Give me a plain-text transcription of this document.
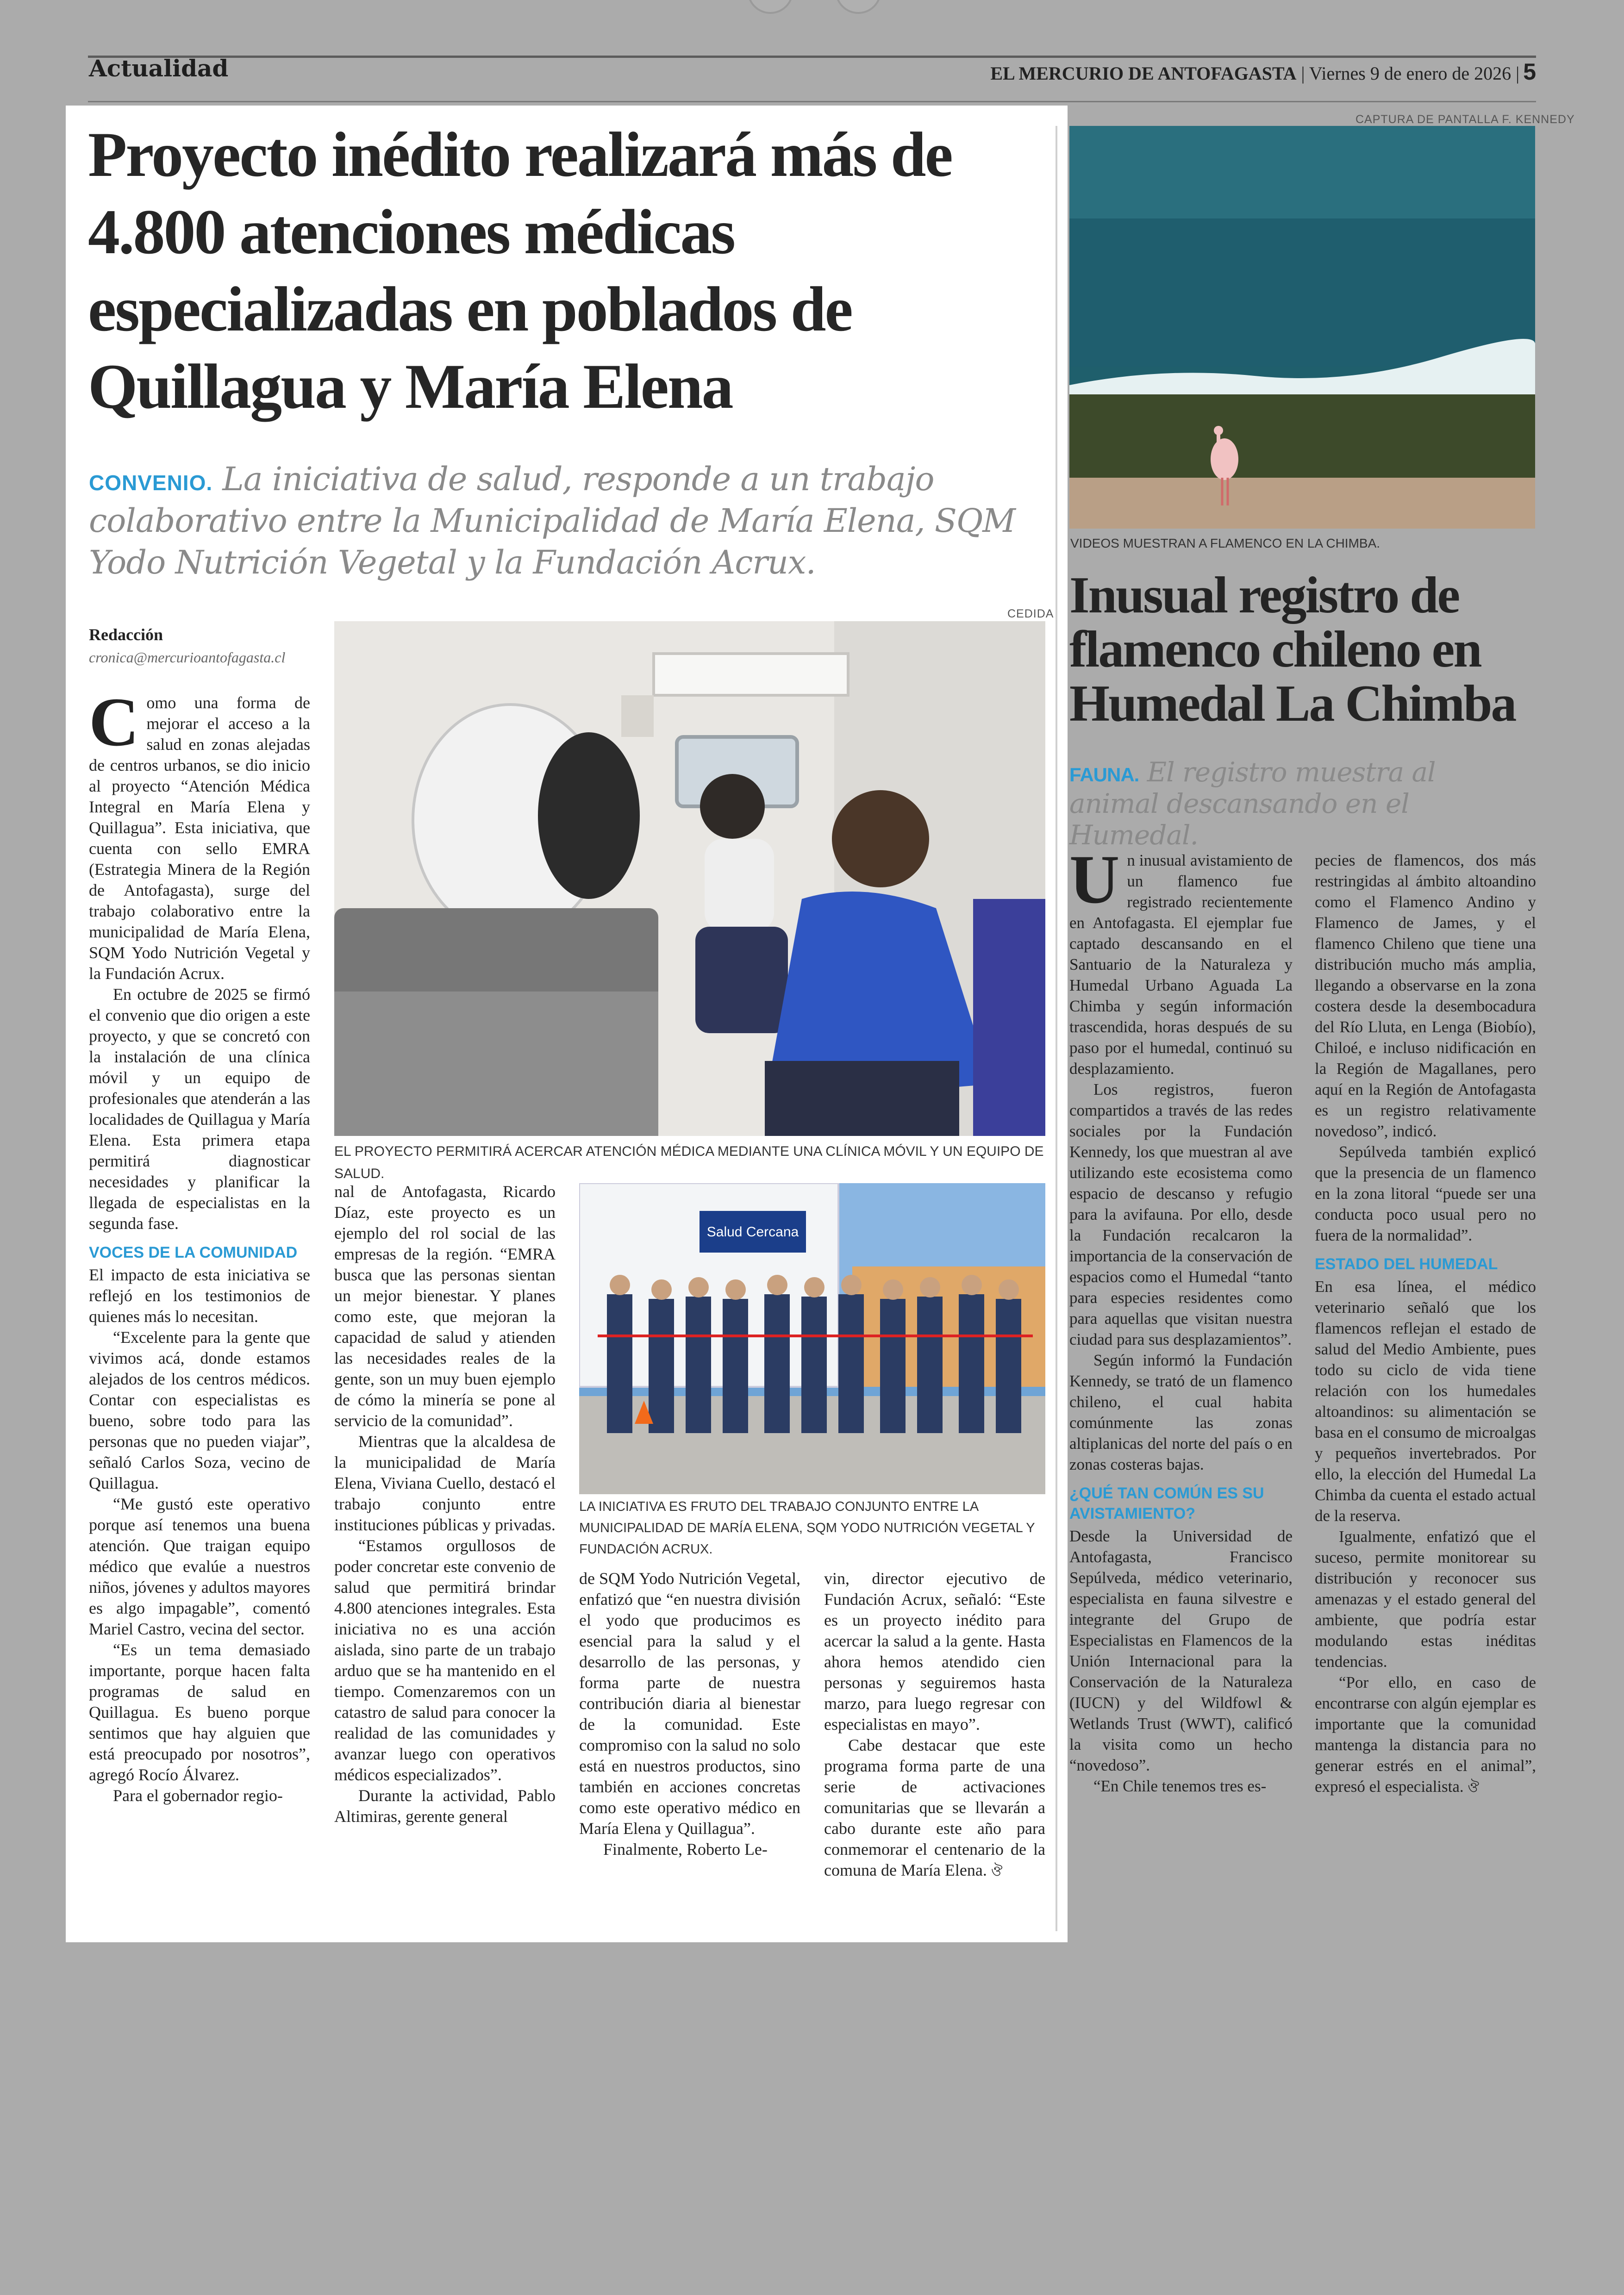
Actualidad	EL MERCURIO DE ANTOFAGASTA | Viernes 9 de enero de 2026 | 5
Proyecto inédito realizará más de 4.800 atenciones médicas especializadas en poblados de Quillagua y María Elena
CONVENIO. La iniciativa de salud, responde a un trabajo colaborativo entre la Municipalidad de María Elena, SQM Yodo Nutrición Vegetal y la Fundación Acrux.
Redacción
cronica@mercurioantofagasta.cl
CEDIDA
EL PROYECTO PERMITIRÁ ACERCAR ATENCIÓN MÉDICA MEDIANTE UNA CLÍNICA MÓVIL Y UN EQUIPO DE SALUD.
Salud Cercana
LA INICIATIVA ES FRUTO DEL TRABAJO CONJUNTO ENTRE LA MUNICIPALIDAD DE MARÍA ELENA, SQM YODO NUTRICIÓN VEGETAL Y FUNDACIÓN ACRUX.

Como una forma de mejorar el acceso a la salud en zonas alejadas de centros urbanos, se dio inicio al proyecto “Atención Médica Integral en María Elena y Quillagua”. Esta iniciativa, que cuenta con sello EMRA (Estrategia Minera de la Región de Antofagasta), surge del trabajo colaborativo entre la municipalidad de María Elena, SQM Yodo Nutrición Vegetal y la Fundación Acrux.

En octubre de 2025 se firmó el convenio que dio origen a este proyecto, y que se concretó con la instalación de una clínica móvil y un equipo de profesionales que atenderán a las localidades de Quillagua y María Elena. Esta primera etapa permitirá diagnosticar necesidades y planificar la llegada de especialistas en la segunda fase.

VOCES DE LA COMUNIDAD

El impacto de esta iniciativa se reflejó en los testimonios de quienes más lo necesitan.

“Excelente para la gente que vivimos acá, donde estamos alejados de los centros médicos. Contar con especialistas es bueno, sobre todo para las personas que no pueden viajar”, señaló Carlos Soza, vecino de Quillagua.

“Me gustó este operativo porque así tenemos una buena atención. Que traigan equipo médico que evalúe a nuestros niños, jóvenes y adultos mayores es algo impagable”, comentó Mariel Castro, vecina del sector.

“Es un tema demasiado importante, porque hacen falta programas de salud en Quillagua. Es bueno porque sentimos que hay alguien que está preocupado por nosotros”, agregó Rocío Álvarez.

Para el gobernador regio-

nal de Antofagasta, Ricardo Díaz, este proyecto es un ejemplo del rol social de las empresas de la región. “EMRA busca que las personas sientan un mejor bienestar. Y planes como este, que mejoran la capacidad de salud y atienden las necesidades reales de la gente, son un muy buen ejemplo de cómo la minería se pone al servicio de la comunidad”.

Mientras que la alcaldesa de la municipalidad de María Elena, Viviana Cuello, destacó el trabajo conjunto entre instituciones públicas y privadas.

“Estamos orgullosos de poder concretar este convenio de salud que permitirá brindar 4.800 atenciones integrales. Esta iniciativa no es una acción aislada, sino parte de un trabajo arduo que se ha mantenido en el tiempo. Comenzaremos con un catastro de salud para conocer la realidad de las comunidades y avanzar luego con operativos médicos especializados”.

Durante la actividad, Pablo Altimiras, gerente general

de SQM Yodo Nutrición Vegetal, enfatizó que “en nuestra división el yodo que producimos es esencial para la salud y el desarrollo de las personas, y forma parte de nuestra contribución diaria al bienestar de la comunidad. Este compromiso con la salud no solo está en nuestros productos, sino también en acciones concretas como este operativo médico en María Elena y Quillagua”.

Finalmente, Roberto Le-

vin, director ejecutivo de Fundación Acrux, señaló: “Este es un proyecto inédito para acercar la salud a la gente. Hasta ahora hemos atendido cien personas y seguiremos hasta marzo, para luego regresar con especialistas en mayo”.

Cabe destacar que este programa forma parte de una serie de activaciones comunitarias que se llevarán a cabo durante este año para conmemorar el centenario de la comuna de María Elena. ঔ

CAPTURA DE PANTALLA F. KENNEDY
VIDEOS MUESTRAN A FLAMENCO EN LA CHIMBA.
Inusual registro de flamenco chileno en Humedal La Chimba
FAUNA. El registro muestra al animal descansando en el Humedal.

Un inusual avistamiento de un flamenco fue registrado recientemente en Antofagasta. El ejemplar fue captado descansando en el Santuario de la Naturaleza y Humedal Urbano Aguada La Chimba y según información trascendida, horas después de su paso por el humedal, continuó su desplazamiento.

Los registros, fueron compartidos a través de las redes sociales por la Fundación Kennedy, los que muestran al ave utilizando este ecosistema como espacio de descanso y refugio para la avifauna. Por ello, desde la Fundación recalcaron la importancia de la conservación de espacios como el Humedal “tanto para especies residentes como para aquellas que visitan nuestra ciudad para sus desplazamientos”.

Según informó la Fundación Kennedy, se trató de un flamenco chileno, el cual habita comúnmente las zonas altiplanicas del norte del país o en zonas costeras bajas.

¿QUÉ TAN COMÚN ES SU AVISTAMIENTO?

Desde la Universidad de Antofagasta, Francisco Sepúlveda, médico veterinario, especialista en fauna silvestre e integrante del Grupo de Especialistas en Flamencos de la Unión Internacional para la Conservación de la Naturaleza (IUCN) y del Wildfowl & Wetlands Trust (WWT), calificó la visita como un hecho “novedoso”.

“En Chile tenemos tres es-

pecies de flamencos, dos más restringidas al ámbito altoandino como el Flamenco Andino y Flamenco de James, y el flamenco Chileno que tiene una distribución mucho más amplia, llegando a observarse en la zona costera desde la desembocadura del Río Lluta, en Lenga (Biobío), Chiloé, e incluso nidificación en la Región de Magallanes, pero aquí en la Región de Antofagasta es un registro relativamente novedoso”, indicó.

Sepúlveda también explicó que la presencia de un flamenco en la zona litoral “puede ser una conducta poco usual pero no fuera de la normalidad”.

ESTADO DEL HUMEDAL

En esa línea, el médico veterinario señaló que los flamencos reflejan el estado de salud del Medio Ambiente, pues todo su ciclo de vida tiene relación con los humedales altoandinos: su alimentación se basa en el consumo de microalgas y pequeños invertebrados. Por ello, la elección del Humedal La Chimba da cuenta el estado actual de la reserva.

Igualmente, enfatizó que el suceso, permite monitorear su distribución y reconocer sus amenazas y el estado general del ambiente, que podría estar modulando estas inéditas tendencias.

“Por ello, en caso de encontrarse con algún ejemplar es importante que la comunidad mantenga la distancia para no generar estrés en el animal”, expresó el especialista. ঔ
